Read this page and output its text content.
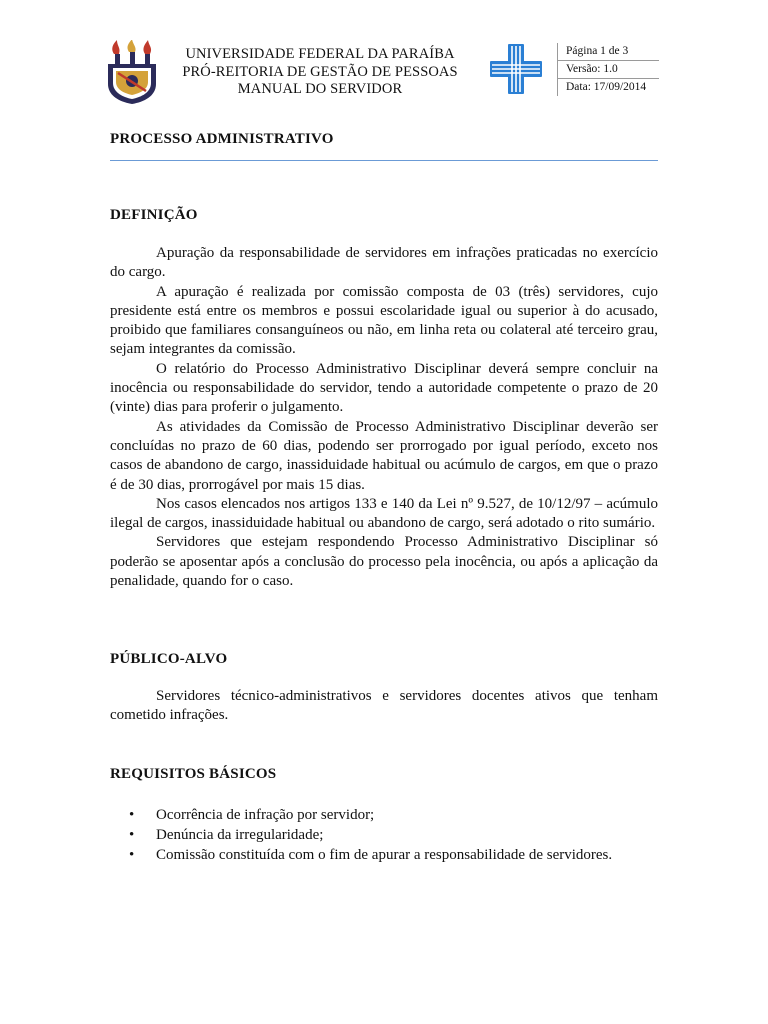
UNIVERSIDADE FEDERAL DA PARAÍBA
PRÓ-REITORIA DE GESTÃO DE PESSOAS
MANUAL DO SERVIDOR
Página 1 de 3
Versão: 1.0
Data: 17/09/2014
PROCESSO ADMINISTRATIVO
DEFINIÇÃO

Apuração da responsabilidade de servidores em infrações praticadas no exercício do cargo.

A apuração é realizada por comissão composta de 03 (três) servidores, cujo presidente está entre os membros e possui escolaridade igual ou superior à do acusado, proibido que familiares consanguíneos ou não, em linha reta ou colateral até terceiro grau, sejam integrantes da comissão.

O relatório do Processo Administrativo Disciplinar deverá sempre concluir na inocência ou responsabilidade do servidor, tendo a autoridade competente o prazo de 20 (vinte) dias para proferir o julgamento.

As atividades da Comissão de Processo Administrativo Disciplinar deverão ser concluídas no prazo de 60 dias, podendo ser prorrogado por igual período, exceto nos casos de abandono de cargo, inassiduidade habitual ou acúmulo de cargos, em que o prazo é de 30 dias, prorrogável por mais 15 dias.

Nos casos elencados nos artigos 133 e 140 da Lei nº 9.527, de 10/12/97 – acúmulo ilegal de cargos, inassiduidade habitual ou abandono de cargo, será adotado o rito sumário.

Servidores que estejam respondendo Processo Administrativo Disciplinar só poderão se aposentar após a conclusão do processo pela inocência, ou após a aplicação da penalidade, quando for o caso.

PÚBLICO-ALVO

Servidores técnico-administrativos e servidores docentes ativos que tenham cometido infrações.

REQUISITOS BÁSICOS
• Ocorrência de infração por servidor;
• Denúncia da irregularidade;
• Comissão constituída com o fim de apurar a responsabilidade de servidores.
